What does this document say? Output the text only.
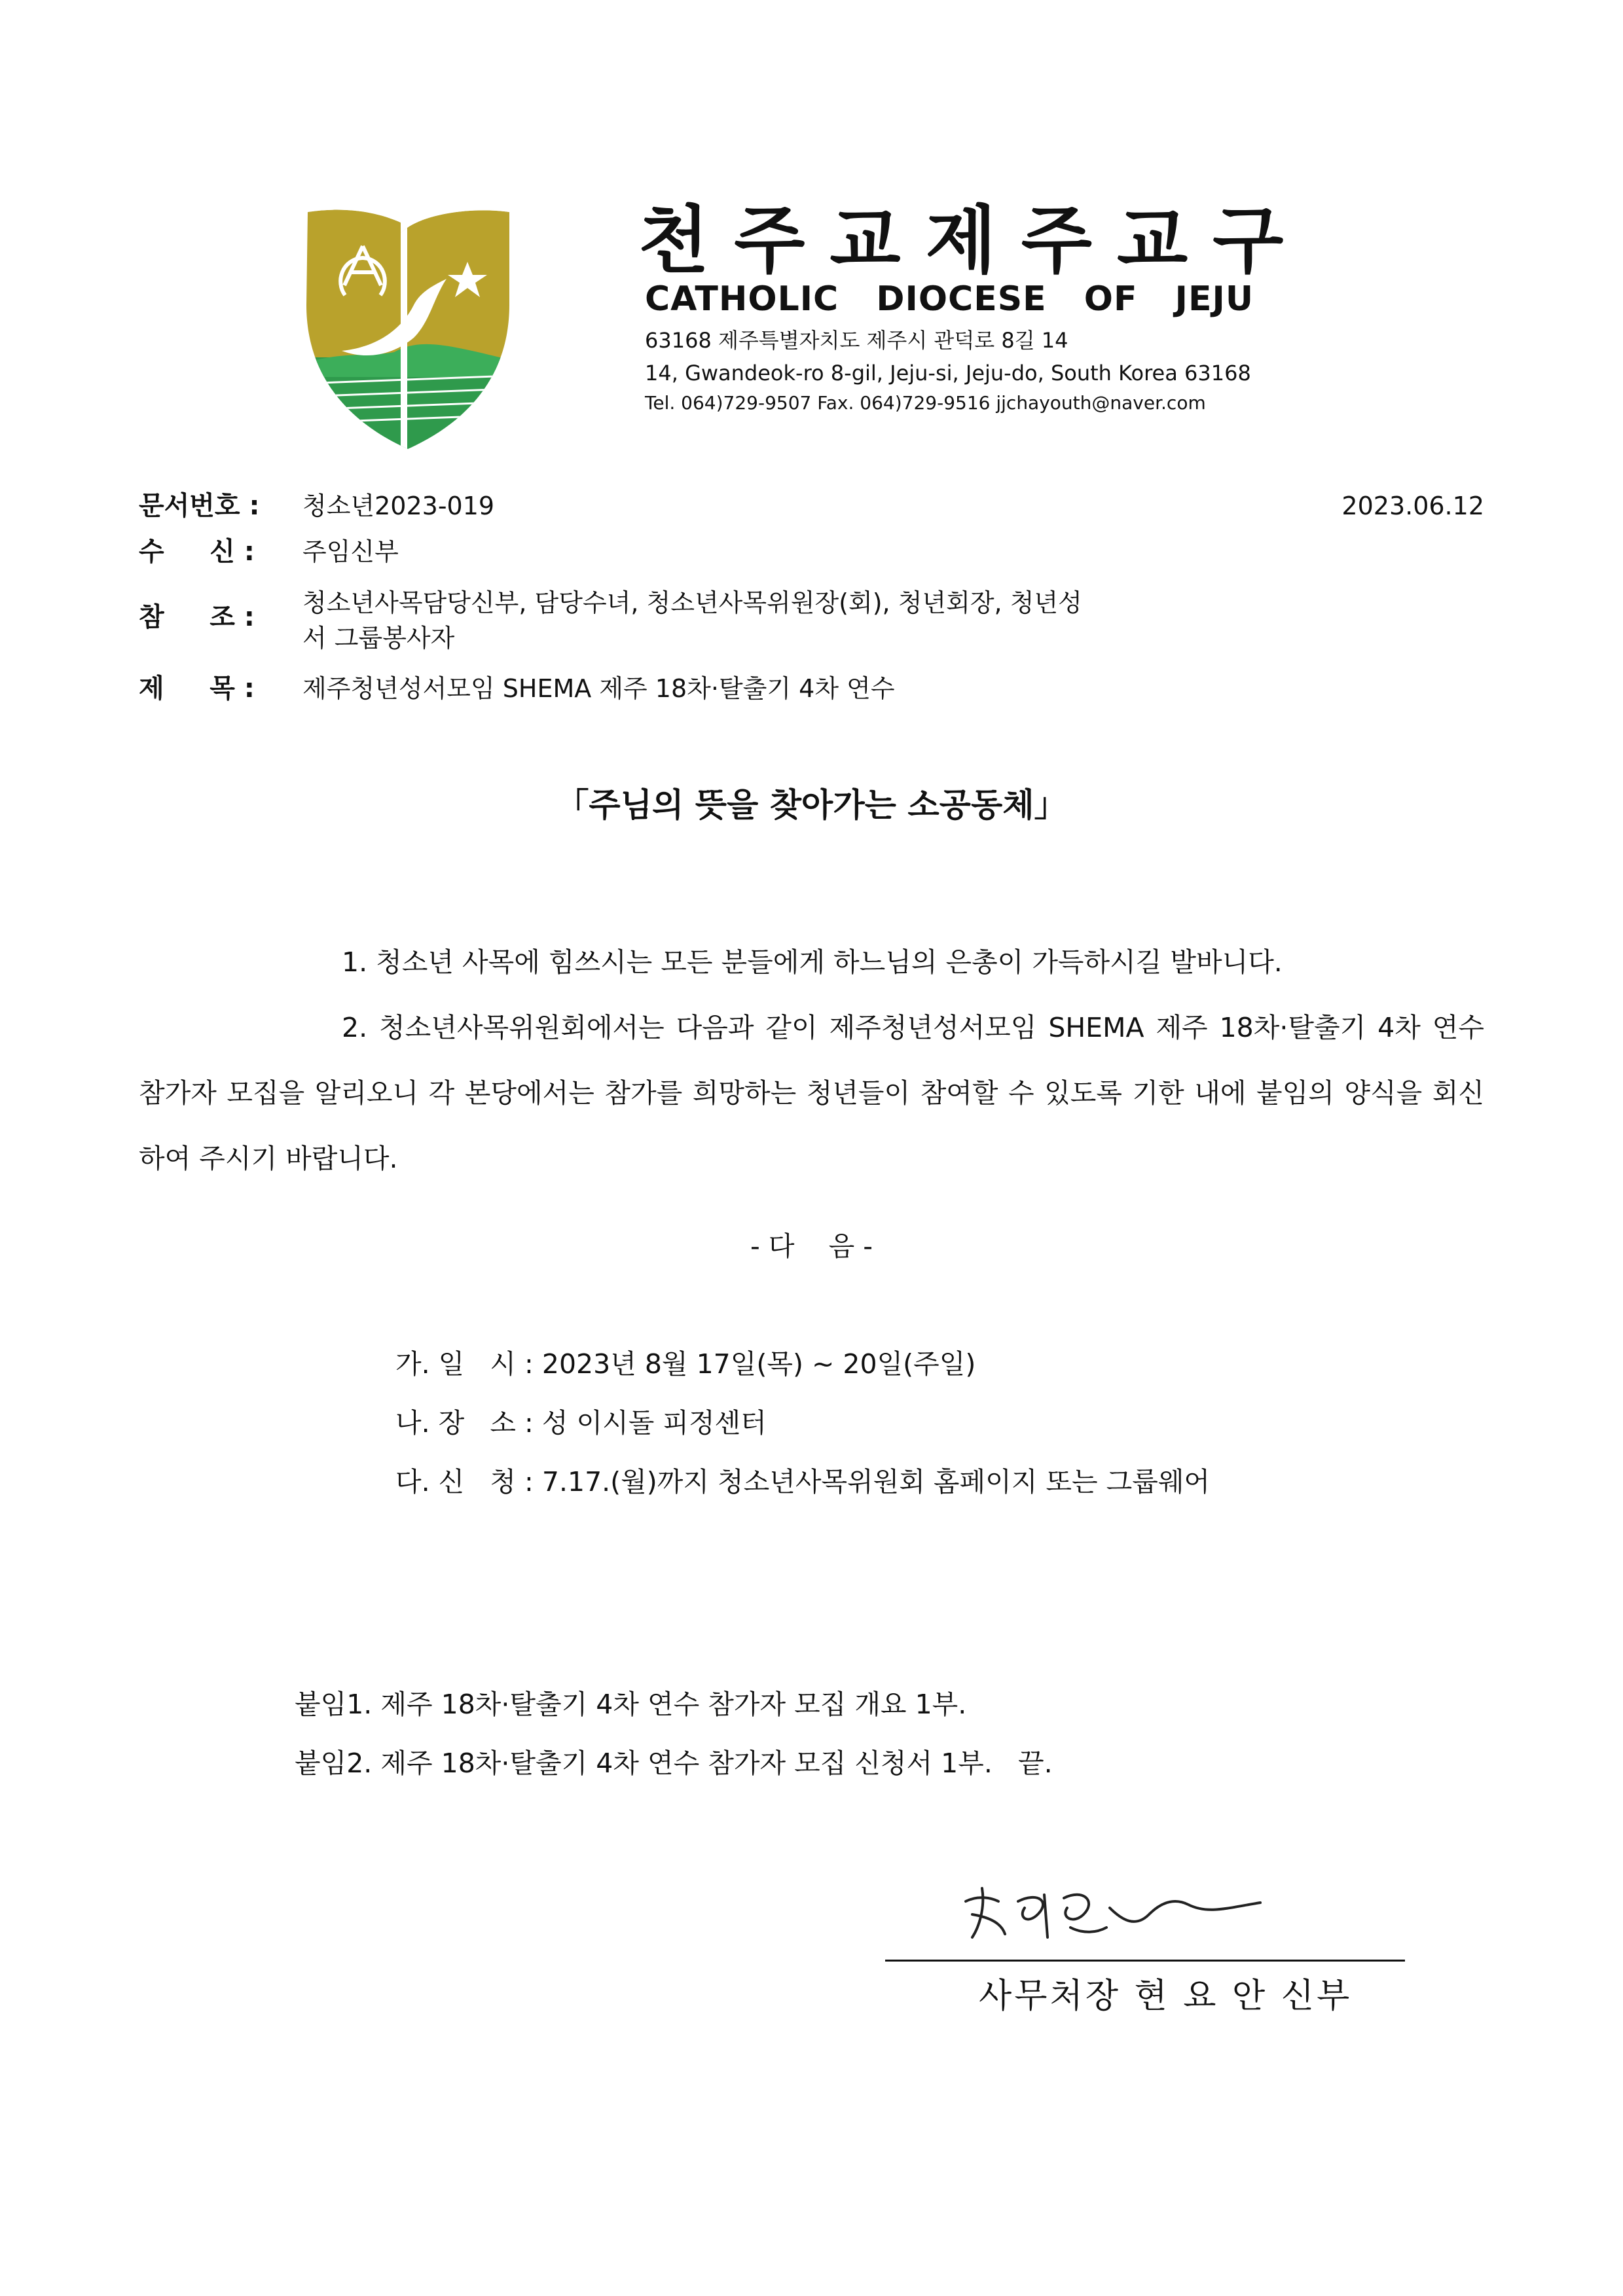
천주교제주교구
CATHOLIC DIOCESE OF JEJU
63168 제주특별자치도 제주시 관덕로 8길 14
14, Gwandeok-ro 8-gil, Jeju-si, Jeju-do, South Korea 63168
Tel. 064)729-9507 Fax. 064)729-9516 jjchayouth@naver.com
문서번호 :	청소년2023-019	2023.06.12
수     신 :	주임신부
참     조 :	청소년사목담당신부, 담당수녀, 청소년사목위원장(회), 청년회장, 청년성
서 그룹봉사자
제     목 :	제주청년성서모임 SHEMA 제주 18차·탈출기 4차 연수
「주님의 뜻을 찾아가는 소공동체」
1. 청소년 사목에 힘쓰시는 모든 분들에게 하느님의 은총이 가득하시길 발바니다.
2. 청소년사목위원회에서는 다음과 같이 제주청년성서모임 SHEMA 제주 18차·탈출기 4차 연수 참가자 모집을 알리오니 각 본당에서는 참가를 희망하는 청년들이 참여할 수 있도록 기한 내에 붙임의 양식을 회신하여 주시기 바랍니다.
- 다    음 -
가. 일   시 : 2023년 8월 17일(목) ~ 20일(주일)
나. 장   소 : 성 이시돌 피정센터
다. 신   청 : 7.17.(월)까지 청소년사목위원회 홈페이지 또는 그룹웨어
붙임1. 제주 18차·탈출기 4차 연수 참가자 모집 개요 1부.
붙임2. 제주 18차·탈출기 4차 연수 참가자 모집 신청서 1부.   끝.
사무처장 현 요 안 신부
